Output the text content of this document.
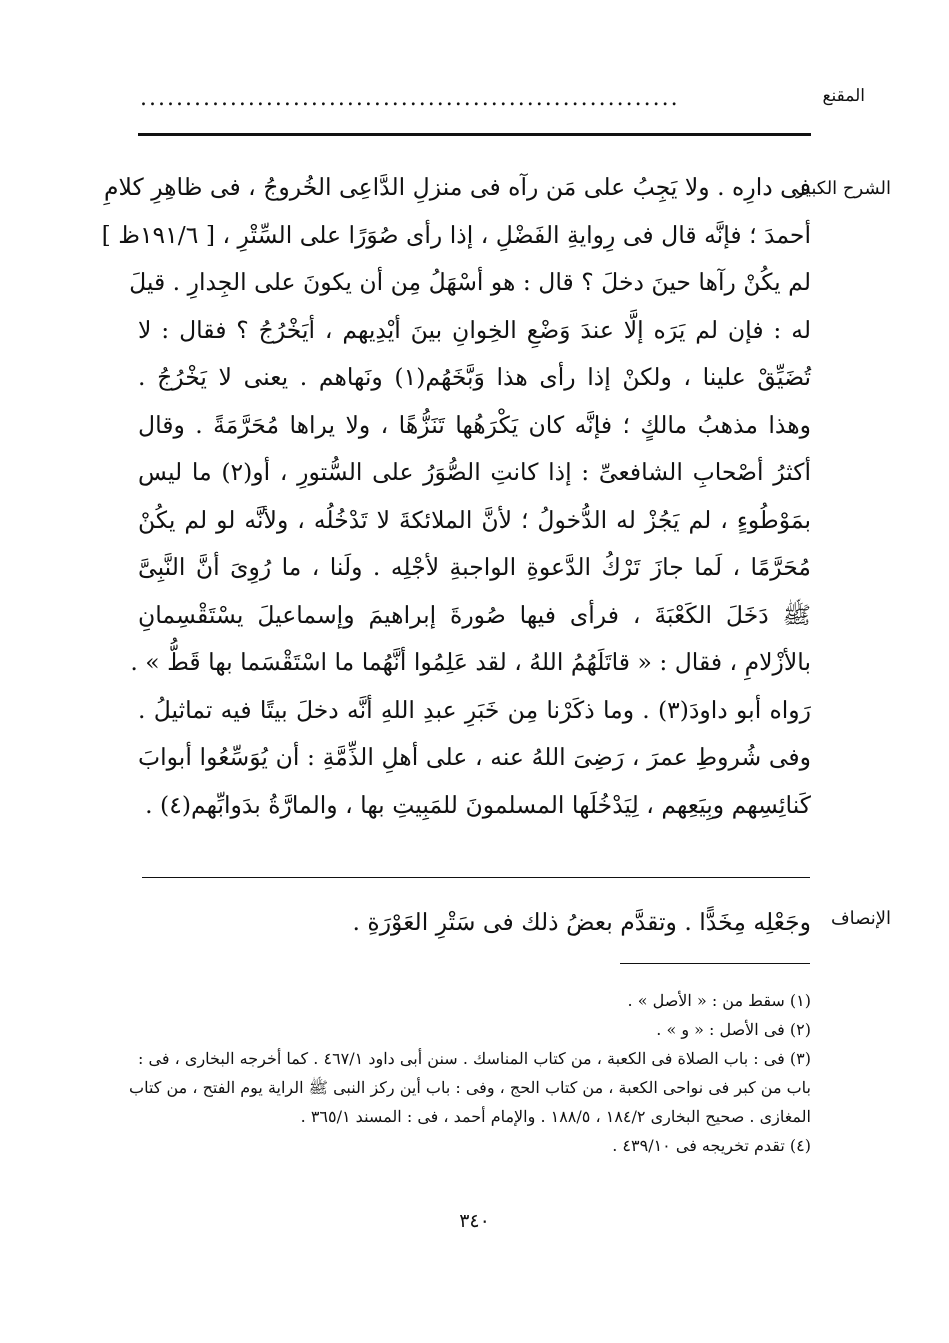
المقنع
............................................................
الشرح الكبير
فى دارِه . ولا يَجِبُ على مَن رآه فى منزلِ الدَّاعِى الخُروجُ ، فى ظاهِرِ كلامِ
أحمدَ ؛ فإنَّه قال فى رِوايةِ الفَضْلِ ، إذا رأى صُوَرًا على السِّتْرِ ، [ ١٩١/٦ظ ]
لم يكُنْ رآها حينَ دخلَ ؟ قال : هو أسْهَلُ مِن أن يكونَ على الجِدارِ . قيلَ
له : فإن لم يَرَه إلَّا عندَ وَضْعِ الخِوانِ بينَ أيْدِيهم ، أيَخْرُجُ ؟ فقال : لا
تُضَيِّقْ علينا ، ولكنْ إذا رأى هذا وَبَّخَهُم(١) ونَهاهم . يعنى لا يَخْرُجُ .
وهذا مذهبُ مالكٍ ؛ فإنَّه كان يَكْرَهُها تَنَزُّهًا ، ولا يراها مُحَرَّمَةً . وقال
أكثرُ أصْحابِ الشافعىِّ : إذا كانتِ الصُّوَرُ على السُّتورِ ، أو(٢) ما ليس
بمَوْطُوءٍ ، لم يَجُزْ له الدُّخولُ ؛ لأنَّ الملائكةَ لا تَدْخُلُه ، ولأنَّه لو لم يكُنْ
مُحَرَّمًا ، لَما جازَ تَرْكُ الدَّعوةِ الواجبةِ لأجْلِه . ولَنا ، ما رُوِىَ أنَّ النَّبِىَّ
ﷺ دَخَلَ الكَعْبَةَ ، فرأى فيها صُورةَ إبراهيمَ وإسماعيلَ يسْتَقْسِمانِ
بالأزْلامِ ، فقال : « قاتَلَهُمُ اللهُ ، لقد عَلِمُوا أنَّهُما ما اسْتَقْسَما بها قَطُّ » .
رَواه أبو داودَ(٣) . وما ذكَرْنا مِن خَبَرِ عبدِ اللهِ أنَّه دخلَ بيتًا فيه تماثيلُ .
وفى شُروطِ عمرَ ، رَضِىَ اللهُ عنه ، على أهلِ الذِّمَّةِ : أن يُوَسِّعُوا أبوابَ
كَنائِسِهم وبِيَعِهم ، لِيَدْخُلَها المسلمونَ للمَبِيتِ بها ، والمارَّةُ بدَوابِّهم(٤) .
الإنصاف
وجَعْلِه مِخَدًّا . وتقدَّم بعضُ ذلك فى سَتْرِ العَوْرَةِ .
(١) سقط من : « الأصل » .
(٢) فى الأصل : « و » .
(٣) فى : باب الصلاة فى الكعبة ، من كتاب المناسك . سنن أبى داود ٤٦٧/١ . كما أخرجه البخارى ، فى :
باب من كبر فى نواحى الكعبة ، من كتاب الحج ، وفى : باب أين ركز النبى ﷺ الراية يوم الفتح ، من كتاب
المغازى . صحيح البخارى ١٨٤/٢ ، ١٨٨/٥ . والإمام أحمد ، فى : المسند ٣٦٥/١ .
(٤) تقدم تخريجه فى ٤٣٩/١٠ .
٣٤٠
